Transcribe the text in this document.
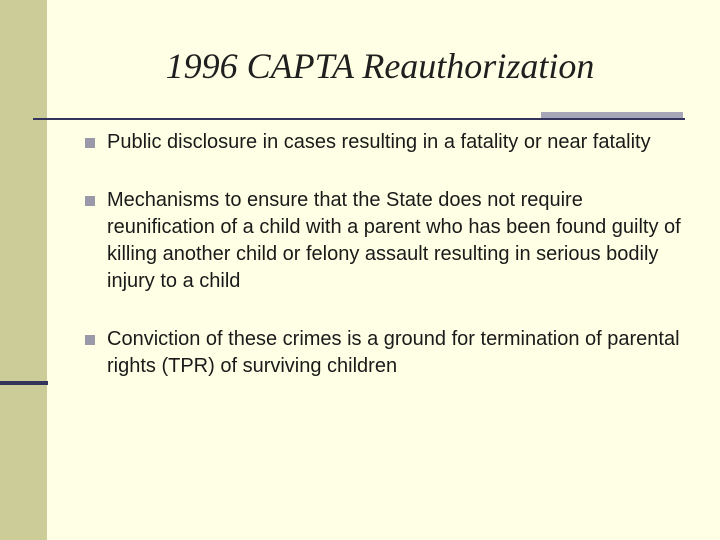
1996 CAPTA Reauthorization
Public disclosure in cases resulting in a fatality or near fatality
Mechanisms to ensure that the State does not require reunification of a child with a parent who has been found guilty of killing another child or felony assault resulting in serious bodily injury to a child
Conviction of these crimes is a ground for termination of parental rights (TPR) of surviving children
